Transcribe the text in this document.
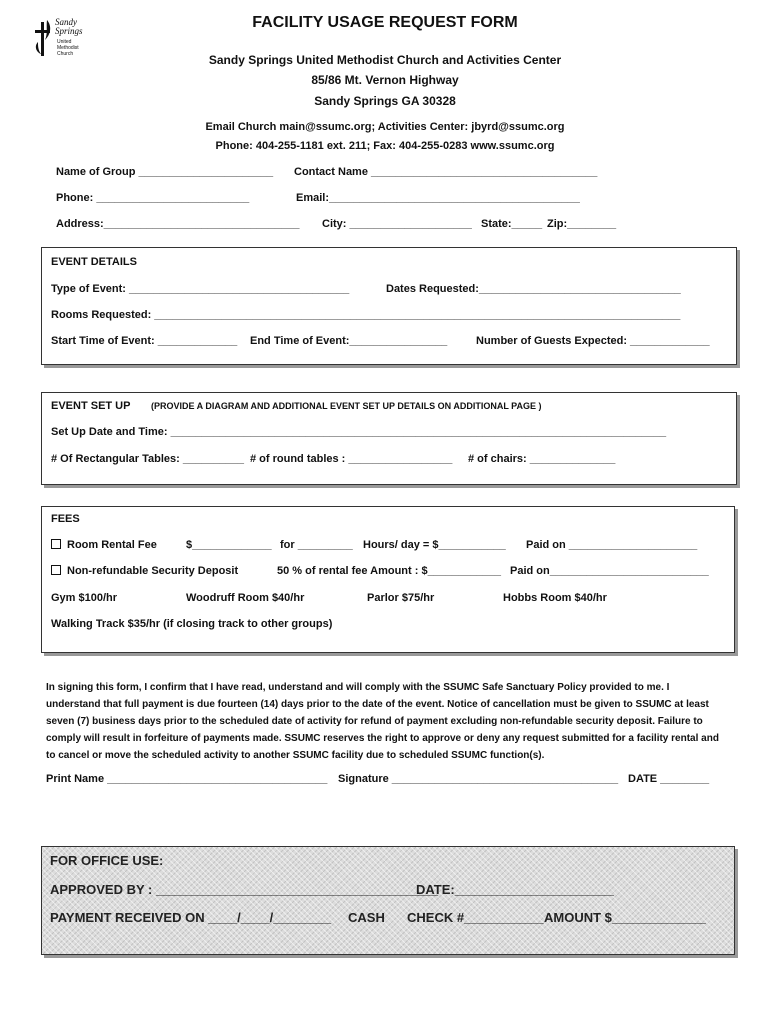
Sandy
Springs
United
Methodist
Church
FACILITY USAGE REQUEST FORM
Sandy Springs United Methodist Church and Activities Center
85/86 Mt. Vernon Highway
Sandy Springs GA 30328
Email Church main@ssumc.org; Activities Center: jbyrd@ssumc.org
Phone: 404-255-1181 ext. 211; Fax: 404-255-0283 www.ssumc.org
Name of Group ______________________ Contact Name _____________________________________
Phone: _________________________	Email:_________________________________________
Address:________________________________ City: ____________________ State:_____ Zip:________
EVENT DETAILS
Type of Event: ____________________________________	Dates Requested:_________________________________
Rooms Requested: ______________________________________________________________________________________
Start Time of Event: _____________ End Time of Event:________________	Number of Guests Expected: _____________
EVENT SET UP (PROVIDE A DIAGRAM AND ADDITIONAL EVENT SET UP DETAILS ON ADDITIONAL PAGE )
Set Up Date and Time: _________________________________________________________________________________
# Of Rectangular Tables: __________ # of round tables : _________________ # of chairs: ______________
FEES
Room Rental Fee	$_____________ for _________ Hours/ day = $___________ Paid on _____________________
Non-refundable Security Deposit	50 % of rental fee Amount : $____________ Paid on__________________________
Gym $100/hr	Woodruff Room $40/hr	Parlor $75/hr	Hobbs Room $40/hr
Walking Track $35/hr (if closing track to other groups)
In signing this form, I confirm that I have read, understand and will comply with the SSUMC Safe Sanctuary Policy provided to me. I understand that full payment is due fourteen (14) days prior to the date of the event. Notice of cancellation must be given to SSUMC at least seven (7) business days prior to the scheduled date of activity for refund of payment excluding non-refundable security deposit. Failure to comply will result in forfeiture of payments made. SSUMC reserves the right to approve or deny any request submitted for a facility rental and to cancel or move the scheduled activity to another SSUMC facility due to scheduled SSUMC function(s).
Print Name ____________________________________ Signature _____________________________________ DATE ________
FOR OFFICE USE:
APPROVED BY : _______________________________________
DATE:______________________
PAYMENT RECEIVED ON ____/____/________ CASH CHECK #___________ AMOUNT $_____________
